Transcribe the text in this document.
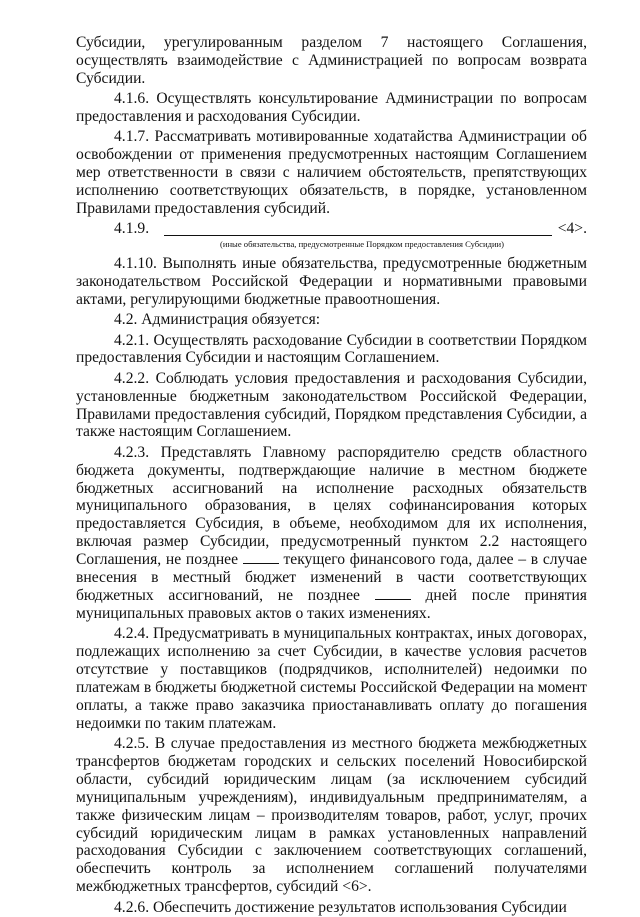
Субсидии, урегулированным разделом 7 настоящего Соглашения, осуществлять взаимодействие с Администрацией по вопросам возврата Субсидии.

4.1.6. Осуществлять консультирование Администрации по вопросам предоставления и расходования Субсидии.

4.1.7. Рассматривать мотивированные ходатайства Администрации об освобождении от применения предусмотренных настоящим Соглашением мер ответственности в связи с наличием обстоятельств, препятствующих исполнению соответствующих обязательств, в порядке, установленном Правилами предоставления субсидий.

4.1.9.	<4>.
(иные обязательства, предусмотренные Порядком предоставления Субсидии)

4.1.10. Выполнять иные обязательства, предусмотренные бюджетным законодательством Российской Федерации и нормативными правовыми актами, регулирующими бюджетные правоотношения.

4.2. Администрация обязуется:

4.2.1. Осуществлять расходование Субсидии в соответствии Порядком предоставления Субсидии и настоящим Соглашением.

4.2.2. Соблюдать условия предоставления и расходования Субсидии, установленные бюджетным законодательством Российской Федерации, Правилами предоставления субсидий, Порядком представления Субсидии, а также настоящим Соглашением.

4.2.3. Представлять Главному распорядителю средств областного бюджета документы, подтверждающие наличие в местном бюджете бюджетных ассигнований на исполнение расходных обязательств муниципального образования, в целях софинансирования которых предоставляется Субсидия, в объеме, необходимом для их исполнения, включая размер Субсидии, предусмотренный пунктом 2.2 настоящего Соглашения, не позднее	текущего финансового года, далее – в случае внесения в местный бюджет изменений в части соответствующих бюджетных ассигнований, не позднее	дней после принятия муниципальных правовых актов о таких изменениях.

4.2.4. Предусматривать в муниципальных контрактах, иных договорах, подлежащих исполнению за счет Субсидии, в качестве условия расчетов отсутствие у поставщиков (подрядчиков, исполнителей) недоимки по платежам в бюджеты бюджетной системы Российской Федерации на момент оплаты, а также право заказчика приостанавливать оплату до погашения недоимки по таким платежам.

4.2.5. В случае предоставления из местного бюджета межбюджетных трансфертов бюджетам городских и сельских поселений Новосибирской области, субсидий юридическим лицам (за исключением субсидий муниципальным учреждениям), индивидуальным предпринимателям, а также физическим лицам – производителям товаров, работ, услуг, прочих субсидий юридическим лицам в рамках установленных направлений расходования Субсидии с заключением соответствующих соглашений, обеспечить контроль за исполнением соглашений получателями межбюджетных трансфертов, субсидий <6>.

4.2.6. Обеспечить достижение результатов использования Субсидии
